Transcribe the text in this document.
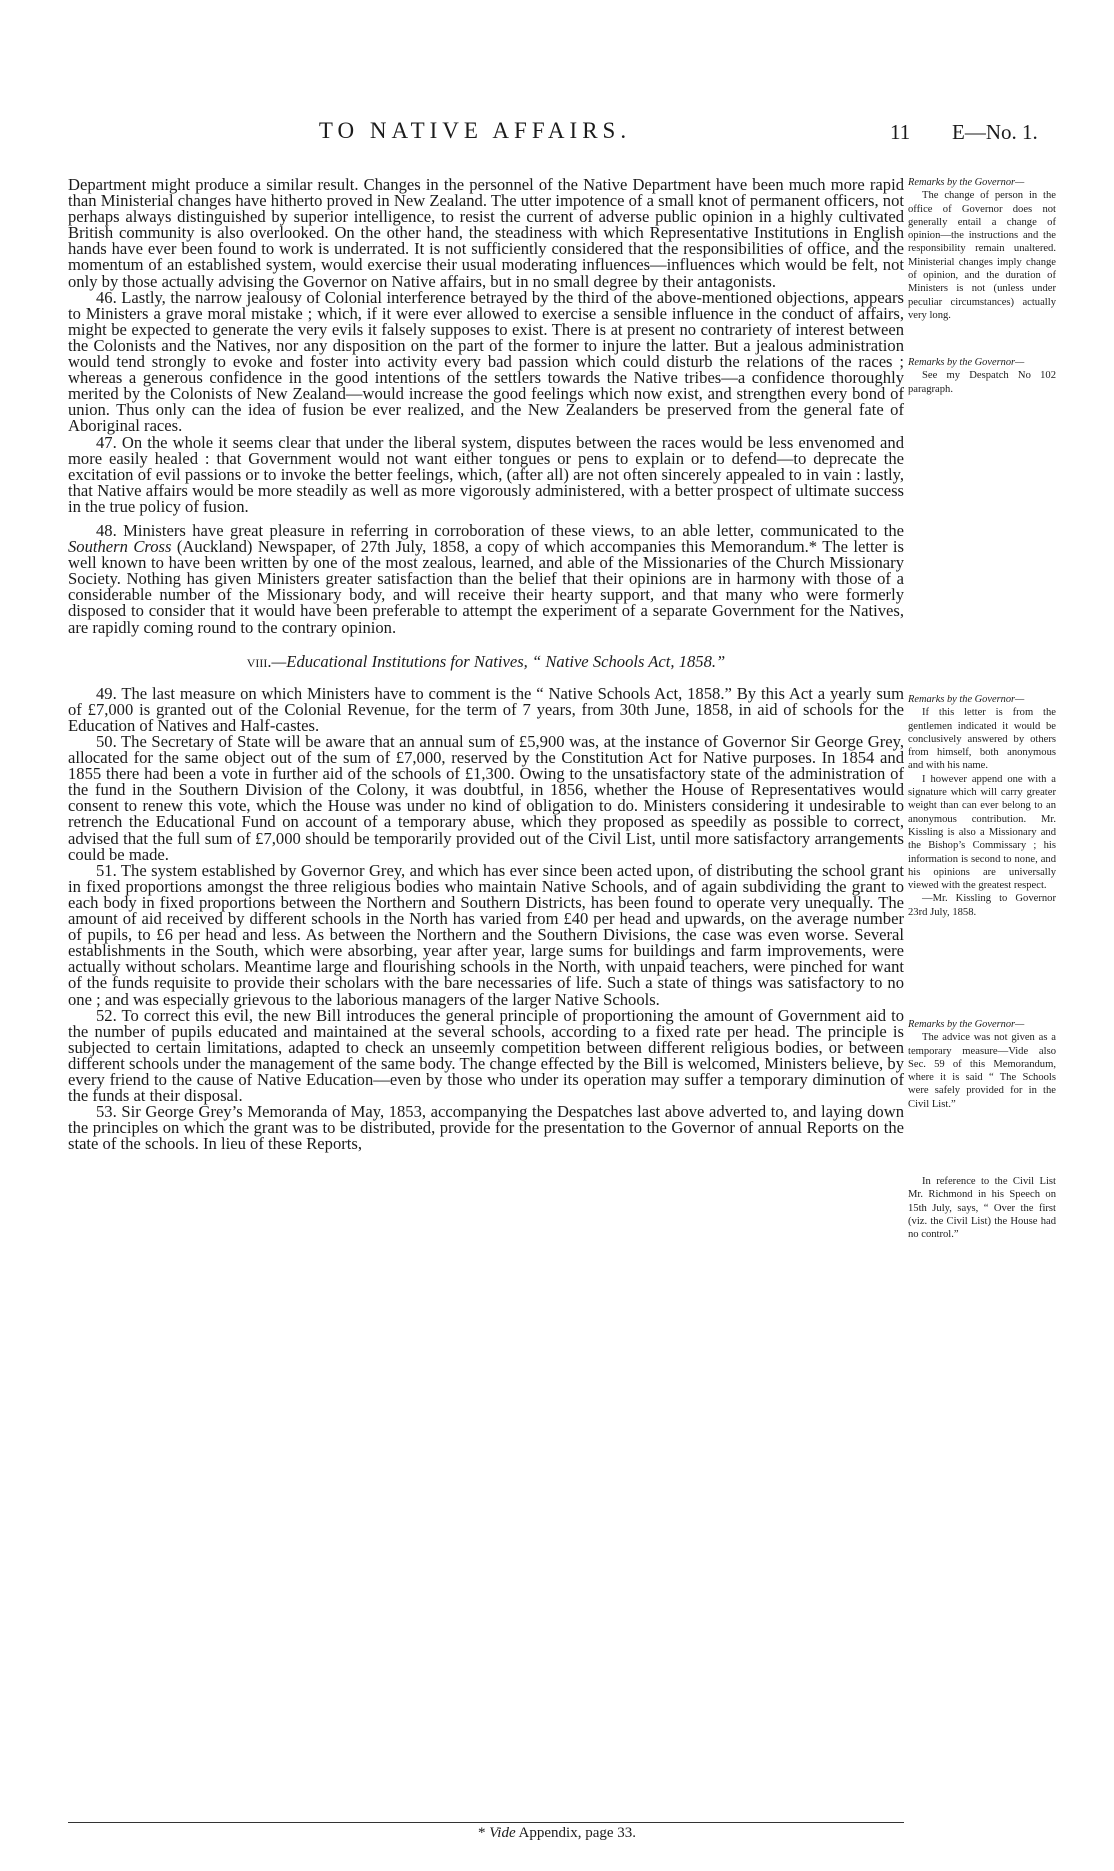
TO NATIVE AFFAIRS.	11 E—No. 1.

Department might produce a similar result. Changes in the personnel of the Native Department have been much more rapid than Ministerial changes have hitherto proved in New Zealand. The utter impotence of a small knot of permanent officers, not perhaps always distinguished by superior intelligence, to resist the current of adverse public opinion in a highly cultivated British community is also overlooked. On the other hand, the steadiness with which Representative Institutions in English hands have ever been found to work is underrated. It is not sufficiently considered that the responsibilities of office, and the momentum of an established system, would exercise their usual moderating influences—influences which would be felt, not only by those actually advising the Governor on Native affairs, but in no small degree by their antagonists.

46. Lastly, the narrow jealousy of Colonial interference betrayed by the third of the above-mentioned objections, appears to Ministers a grave moral mistake ; which, if it were ever allowed to exercise a sensible influence in the conduct of affairs, might be expected to generate the very evils it falsely supposes to exist. There is at present no contrariety of interest between the Colonists and the Natives, nor any disposition on the part of the former to injure the latter. But a jealous administration would tend strongly to evoke and foster into activity every bad passion which could disturb the relations of the races ; whereas a generous confidence in the good intentions of the settlers towards the Native tribes—a confidence thoroughly merited by the Colonists of New Zealand—would increase the good feelings which now exist, and strengthen every bond of union. Thus only can the idea of fusion be ever realized, and the New Zealanders be preserved from the general fate of Aboriginal races.

47. On the whole it seems clear that under the liberal system, disputes between the races would be less envenomed and more easily healed : that Government would not want either tongues or pens to explain or to defend—to deprecate the excitation of evil passions or to invoke the better feelings, which, (after all) are not often sincerely appealed to in vain : lastly, that Native affairs would be more steadily as well as more vigorously administered, with a better prospect of ultimate success in the true policy of fusion.

48. Ministers have great pleasure in referring in corroboration of these views, to an able letter, communicated to the Southern Cross (Auckland) Newspaper, of 27th July, 1858, a copy of which accompanies this Memorandum.* The letter is well known to have been written by one of the most zealous, learned, and able of the Missionaries of the Church Missionary Society. Nothing has given Ministers greater satisfaction than the belief that their opinions are in harmony with those of a considerable number of the Missionary body, and will receive their hearty support, and that many who were formerly disposed to consider that it would have been preferable to attempt the experiment of a separate Government for the Natives, are rapidly coming round to the contrary opinion.

viii.—Educational Institutions for Natives, “ Native Schools Act, 1858.”

49. The last measure on which Ministers have to comment is the “ Native Schools Act, 1858.” By this Act a yearly sum of £7,000 is granted out of the Colonial Revenue, for the term of 7 years, from 30th June, 1858, in aid of schools for the Education of Natives and Half-castes.

50. The Secretary of State will be aware that an annual sum of £5,900 was, at the instance of Governor Sir George Grey, allocated for the same object out of the sum of £7,000, reserved by the Constitution Act for Native purposes. In 1854 and 1855 there had been a vote in further aid of the schools of £1,300. Owing to the unsatisfactory state of the administration of the fund in the Southern Division of the Colony, it was doubtful, in 1856, whether the House of Representatives would consent to renew this vote, which the House was under no kind of obligation to do. Ministers considering it undesirable to retrench the Educational Fund on account of a temporary abuse, which they proposed as speedily as possible to correct, advised that the full sum of £7,000 should be temporarily provided out of the Civil List, until more satisfactory arrangements could be made.

51. The system established by Governor Grey, and which has ever since been acted upon, of distributing the school grant in fixed proportions amongst the three religious bodies who maintain Native Schools, and of again subdividing the grant to each body in fixed proportions between the Northern and Southern Districts, has been found to operate very unequally. The amount of aid received by different schools in the North has varied from £40 per head and upwards, on the average number of pupils, to £6 per head and less. As between the Northern and the Southern Divisions, the case was even worse. Several establishments in the South, which were absorbing, year after year, large sums for buildings and farm improvements, were actually without scholars. Meantime large and flourishing schools in the North, with unpaid teachers, were pinched for want of the funds requisite to provide their scholars with the bare necessaries of life. Such a state of things was satisfactory to no one ; and was especially grievous to the laborious managers of the larger Native Schools.

52. To correct this evil, the new Bill introduces the general principle of proportioning the amount of Government aid to the number of pupils educated and maintained at the several schools, according to a fixed rate per head. The principle is subjected to certain limitations, adapted to check an unseemly competition between different religious bodies, or between different schools under the management of the same body. The change effected by the Bill is welcomed, Ministers believe, by every friend to the cause of Native Education—even by those who under its operation may suffer a temporary diminution of the funds at their disposal.

53. Sir George Grey’s Memoranda of May, 1853, accompanying the Despatches last above adverted to, and laying down the principles on which the grant was to be distributed, provide for the presentation to the Governor of annual Reports on the state of the schools. In lieu of these Reports,

Remarks by the Governor—

The change of person in the office of Governor does not generally entail a change of opinion—the instructions and the responsibility remain unaltered. Ministerial changes imply change of opinion, and the duration of Ministers is not (unless under peculiar circumstances) actually very long.

Remarks by the Governor—

See my Despatch No 102 paragraph.

Remarks by the Governor—

If this letter is from the gentlemen indicated it would be conclusively answered by others from himself, both anonymous and with his name.

I however append one with a signature which will carry greater weight than can ever belong to an anonymous contribution. Mr. Kissling is also a Missionary and the Bishop’s Commissary ; his information is second to none, and his opinions are universally viewed with the greatest respect.

—Mr. Kissling to Governor 23rd July, 1858.

Remarks by the Governor—

The advice was not given as a temporary measure—Vide also Sec. 59 of this Memorandum, where it is said “ The Schools were safely provided for in the Civil List.”

In reference to the Civil List Mr. Richmond in his Speech on 15th July, says, “ Over the first (viz. the Civil List) the House had no control.”

* Vide Appendix, page 33.
